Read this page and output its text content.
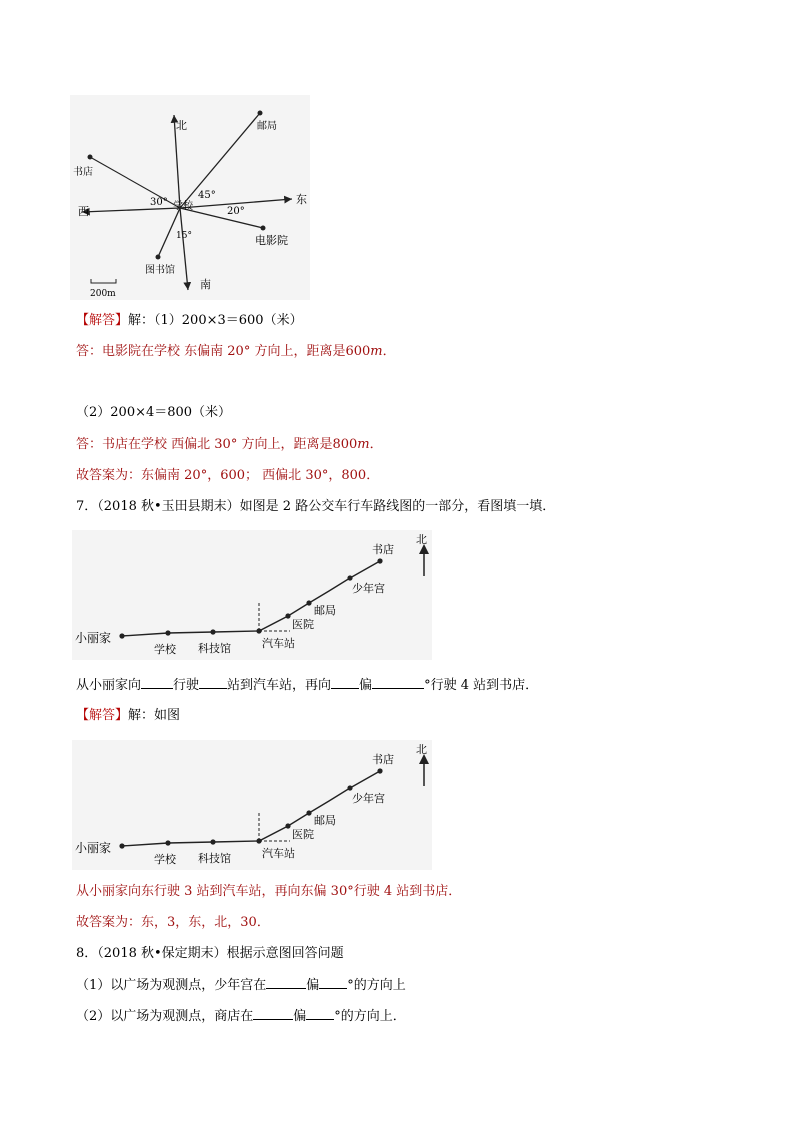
北
南
东
西	学校
邮局
书店
电影院
图书馆
45°
20°
30°
15°
200m
【解答】解：（1）200×3＝600（米）
答：电影院在学校 东偏南 20° 方向上，距离是600m．
（2）200×4＝800（米）
答：书店在学校 西偏北 30° 方向上，距离是800m．
故答案为：东偏南 20°，600； 西偏北 30°，800．
7．（2018 秋•玉田县期末）如图是 2 路公交车行车路线图的一部分，看图填一填．
北
小丽家
学校 科技馆	汽车站
医院
邮局
少年宫
书店
从小丽家向 行驶 站到汽车站，再向 偏	°行驶 4 站到书店．
【解答】解：如图
北
小丽家
学校 科技馆	汽车站
医院
邮局
少年宫
书店
从小丽家向东行驶 3 站到汽车站，再向东偏 30°行驶 4 站到书店．
故答案为：东，3，东，北，30．
8．（2018 秋•保定期末）根据示意图回答问题
（1）以广场为观测点，少年宫在	偏 °的方向上
（2）以广场为观测点，商店在	偏 °的方向上．
